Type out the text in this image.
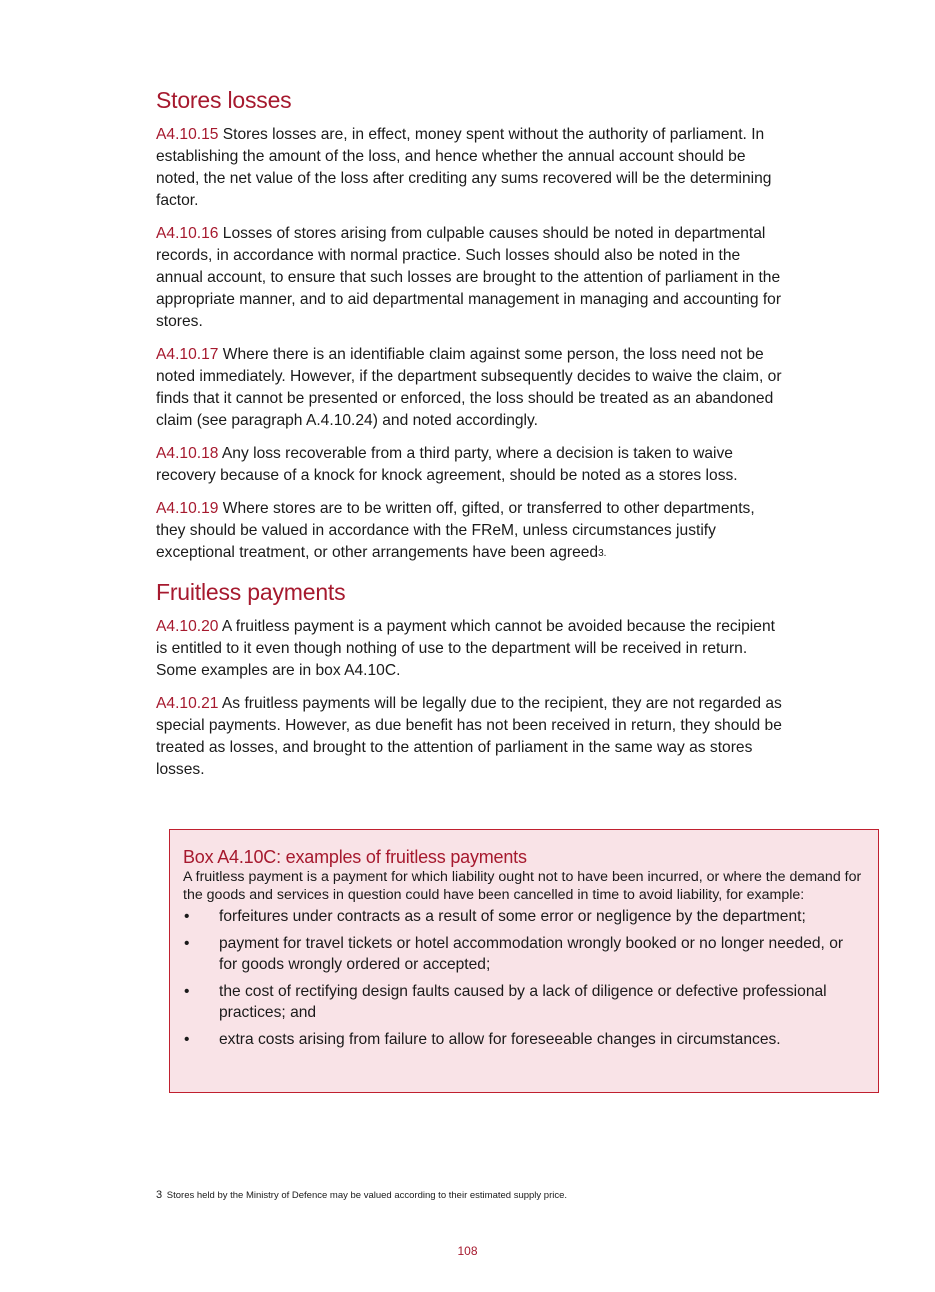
Stores losses

A4.10.15 Stores losses are, in effect, money spent without the authority of parliament. In establishing the amount of the loss, and hence whether the annual account should be noted, the net value of the loss after crediting any sums recovered will be the determining factor.

A4.10.16 Losses of stores arising from culpable causes should be noted in departmental records, in accordance with normal practice. Such losses should also be noted in the annual account, to ensure that such losses are brought to the attention of parliament in the appropriate manner, and to aid departmental management in managing and accounting for stores.

A4.10.17 Where there is an identifiable claim against some person, the loss need not be noted immediately. However, if the department subsequently decides to waive the claim, or finds that it cannot be presented or enforced, the loss should be treated as an abandoned claim (see paragraph A.4.10.24) and noted accordingly.

A4.10.18 Any loss recoverable from a third party, where a decision is taken to waive recovery because of a knock for knock agreement, should be noted as a stores loss.

A4.10.19 Where stores are to be written off, gifted, or transferred to other departments, they should be valued in accordance with the FReM, unless circumstances justify exceptional treatment, or other arrangements have been agreed$^{3.}$

Fruitless payments

A4.10.20 A fruitless payment is a payment which cannot be avoided because the recipient is entitled to it even though nothing of use to the department will be received in return. Some examples are in box A4.10C.

A4.10.21 As fruitless payments will be legally due to the recipient, they are not regarded as special payments. However, as due benefit has not been received in return, they should be treated as losses, and brought to the attention of parliament in the same way as stores losses.

Box A4.10C: examples of fruitless payments

A fruitless payment is a payment for which liability ought not to have been incurred, or where the demand for the goods and services in question could have been cancelled in time to avoid liability, for example:

• forfeitures under contracts as a result of some error or negligence by the department;
• payment for travel tickets or hotel accommodation wrongly booked or no longer needed, or for goods wrongly ordered or accepted;
• the cost of rectifying design faults caused by a lack of diligence or defective professional practices; and
• extra costs arising from failure to allow for foreseeable changes in circumstances.
3 Stores held by the Ministry of Defence may be valued according to their estimated supply price.
108
